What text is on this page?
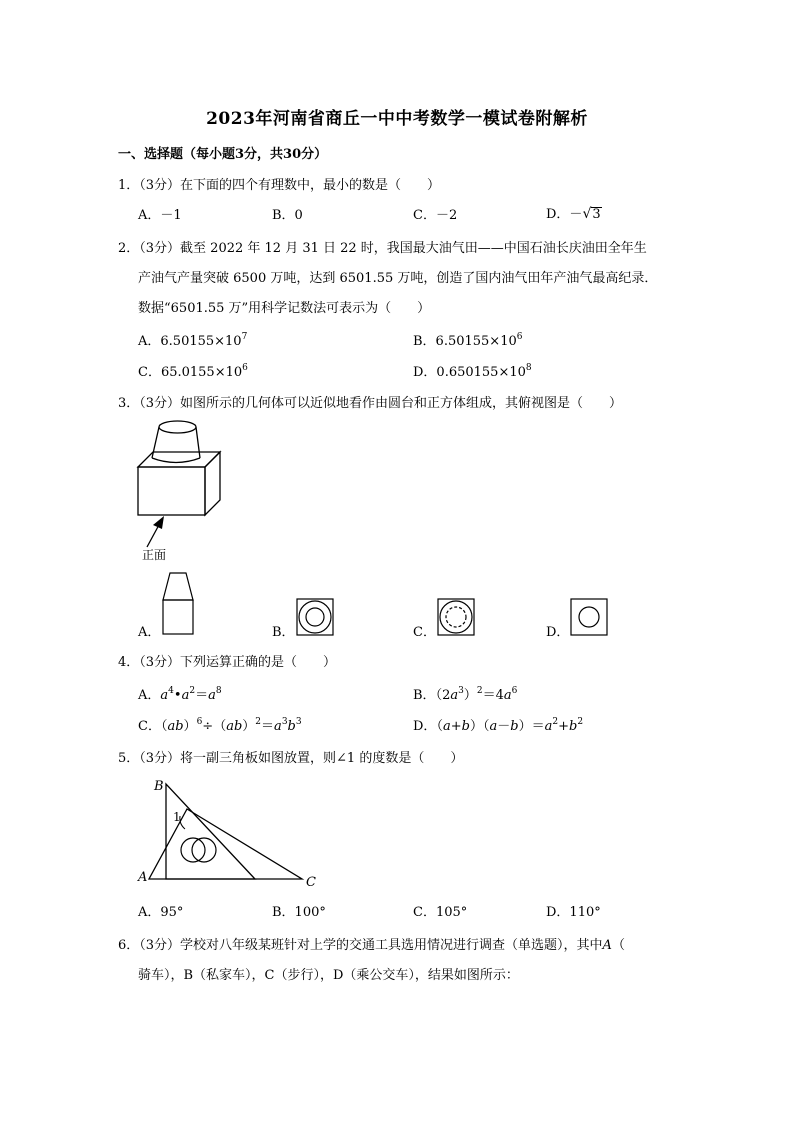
2023年河南省商丘一中中考数学一模试卷附解析
一、选择题（每小题3分，共30分）
1．（3分）在下面的四个有理数中，最小的数是（　　）
A．－1	B．0	C．－2	D．－√3
2．（3分）截至 2022 年 12 月 31 日 22 时，我国最大油气田——中国石油长庆油田全年生
产油气产量突破 6500 万吨，达到 6501.55 万吨，创造了国内油气田年产油气最高纪录．
数据“6501.55 万”用科学记数法可表示为（　　）
A．$6.50155\times 10^7$	B．$6.50155\times 10^6$
C．$65.0155\times 10^6$	D．$0.650155\times 10^8$
3．（3分）如图所示的几何体可以近似地看作由圆台和正方体组成，其俯视图是（　　）
正面
A．	B．	C．	D．
4．（3分）下列运算正确的是（　　）
A．$a^4•a^2=a^8$	B．$(2a^3)^2=4a^6$
C．$(ab)^6\div(ab)^2=a^3b^3$	D．$(a+b)(a-b)=a^2+b^2$
5．（3分）将一副三角板如图放置，则∠1 的度数是（　　）
B
A	C
1
A．95°	B．100°	C．105°	D．110°
6．（3分）学校对八年级某班针对上学的交通工具选用情况进行调查（单选题），其中A（
骑车），B（私家车），C（步行），D（乘公交车），结果如图所示：
